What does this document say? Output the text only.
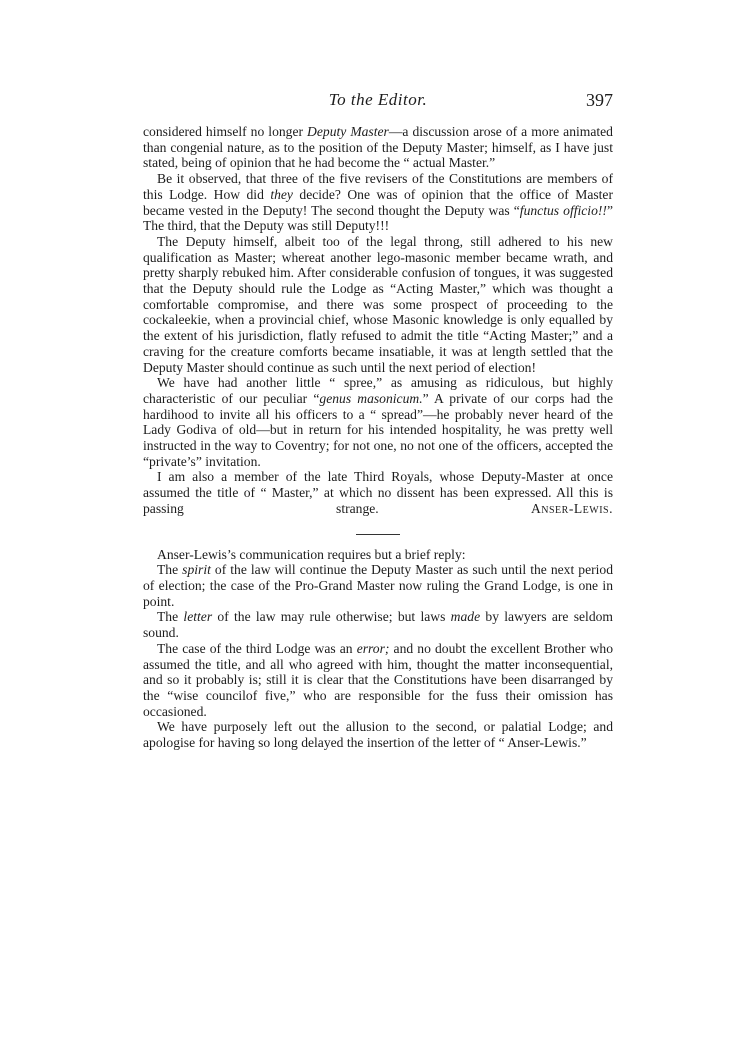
To the Editor.	397

considered himself no longer Deputy Master—a discussion arose of a more animated than congenial nature, as to the position of the Deputy Master; himself, as I have just stated, being of opinion that he had become the “ actual Master.”

Be it observed, that three of the five revisers of the Constitutions are members of this Lodge. How did they decide? One was of opinion that the office of Master became vested in the Deputy! The second thought the Deputy was “functus officio!!” The third, that the Deputy was still Deputy!!!

The Deputy himself, albeit too of the legal throng, still adhered to his new qualification as Master; whereat another lego-masonic member became wrath, and pretty sharply rebuked him. After considerable confusion of tongues, it was suggested that the Deputy should rule the Lodge as “Acting Master,” which was thought a comfortable compromise, and there was some prospect of proceeding to the cockaleekie, when a provincial chief, whose Masonic knowledge is only equalled by the extent of his jurisdiction, flatly refused to admit the title “Acting Master;” and a craving for the creature comforts became insatiable, it was at length settled that the Deputy Master should continue as such until the next period of election!

We have had another little “ spree,” as amusing as ridiculous, but highly characteristic of our peculiar “genus masonicum.” A private of our corps had the hardihood to invite all his officers to a “ spread”—he probably never heard of the Lady Godiva of old—but in return for his intended hospitality, he was pretty well instructed in the way to Coventry; for not one, no not one of the officers, accepted the “private’s” invitation.

I am also a member of the late Third Royals, whose Deputy-Master at once assumed the title of “ Master,” at which no dissent has been expressed. All this is passing strange.	Anser-Lewis.

Anser-Lewis’s communication requires but a brief reply:

The spirit of the law will continue the Deputy Master as such until the next period of election; the case of the Pro-Grand Master now ruling the Grand Lodge, is one in point.

The letter of the law may rule otherwise; but laws made by lawyers are seldom sound.

The case of the third Lodge was an error; and no doubt the excellent Brother who assumed the title, and all who agreed with him, thought the matter inconsequential, and so it probably is; still it is clear that the Constitutions have been disarranged by the “wise councilof five,” who are responsible for the fuss their omission has occasioned.

We have purposely left out the allusion to the second, or palatial Lodge; and apologise for having so long delayed the insertion of the letter of “ Anser-Lewis.”
